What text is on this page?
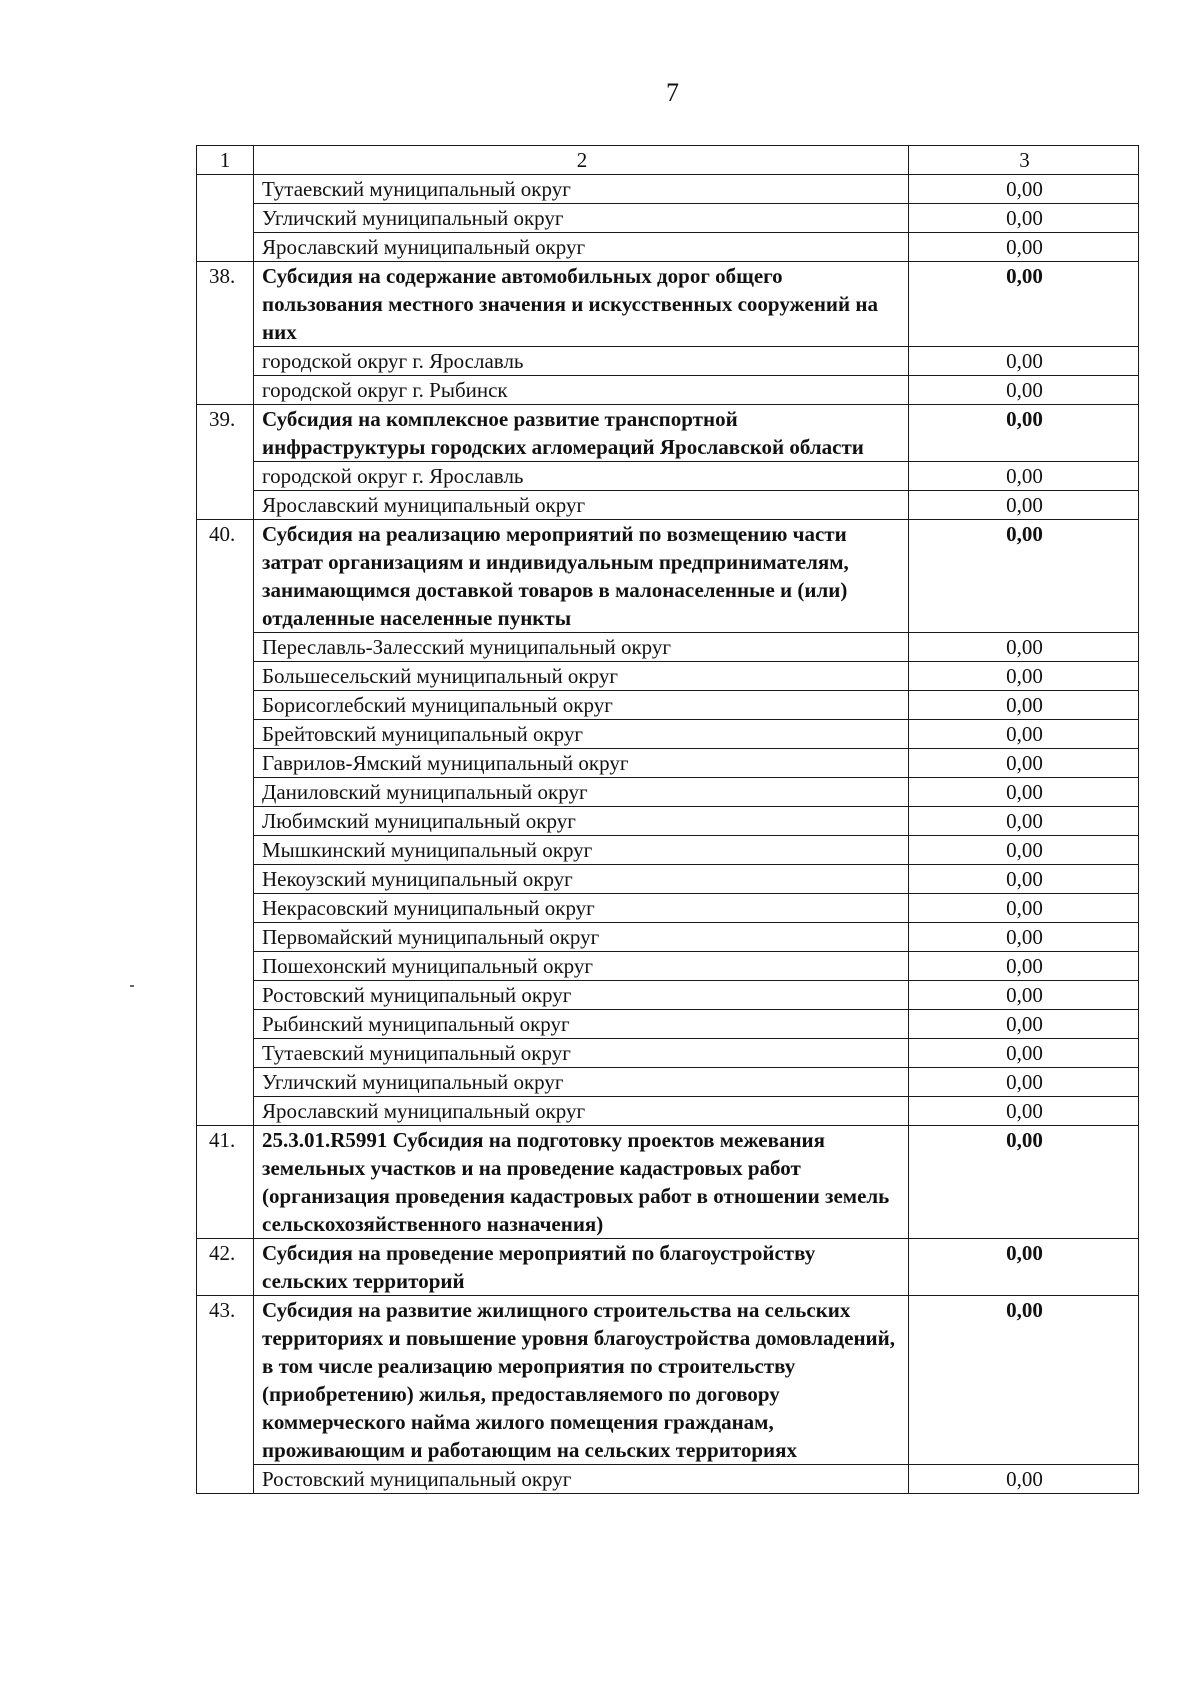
7
1	2	3
	Тутаевский муниципальный округ	0,00
	Угличский муниципальный округ	0,00
	Ярославский муниципальный округ	0,00
38.	Субсидия на содержание автомобильных дорог общего пользования местного значения и искусственных сооружений на них	0,00
	городской округ г. Ярославль	0,00
	городской округ г. Рыбинск	0,00
39.	Субсидия на комплексное развитие транспортной инфраструктуры городских агломераций Ярославской области	0,00
	городской округ г. Ярославль	0,00
	Ярославский муниципальный округ	0,00
40.	Субсидия на реализацию мероприятий по возмещению части затрат организациям и индивидуальным предпринимателям, занимающимся доставкой товаров в малонаселенные и (или) отдаленные населенные пункты	0,00
	Переславль-Залесский муниципальный округ	0,00
	Большесельский муниципальный округ	0,00
	Борисоглебский муниципальный округ	0,00
	Брейтовский муниципальный округ	0,00
	Гаврилов-Ямский муниципальный округ	0,00
	Даниловский муниципальный округ	0,00
	Любимский муниципальный округ	0,00
	Мышкинский муниципальный округ	0,00
	Некоузский муниципальный округ	0,00
	Некрасовский муниципальный округ	0,00
	Первомайский муниципальный округ	0,00
	Пошехонский муниципальный округ	0,00
	Ростовский муниципальный округ	0,00
	Рыбинский муниципальный округ	0,00
	Тутаевский муниципальный округ	0,00
	Угличский муниципальный округ	0,00
	Ярославский муниципальный округ	0,00
41.	25.3.01.R5991 Субсидия на подготовку проектов межевания земельных участков и на проведение кадастровых работ (организация проведения кадастровых работ в отношении земель сельскохозяйственного назначения)	0,00
42.	Субсидия на проведение мероприятий по благоустройству сельских территорий	0,00
43.	Субсидия на развитие жилищного строительства на сельских территориях и повышение уровня благоустройства домовладений, в том числе реализацию мероприятия по строительству (приобретению) жилья, предоставляемого по договору коммерческого найма жилого помещения гражданам, проживающим и работающим на сельских территориях	0,00
	Ростовский муниципальный округ	0,00
